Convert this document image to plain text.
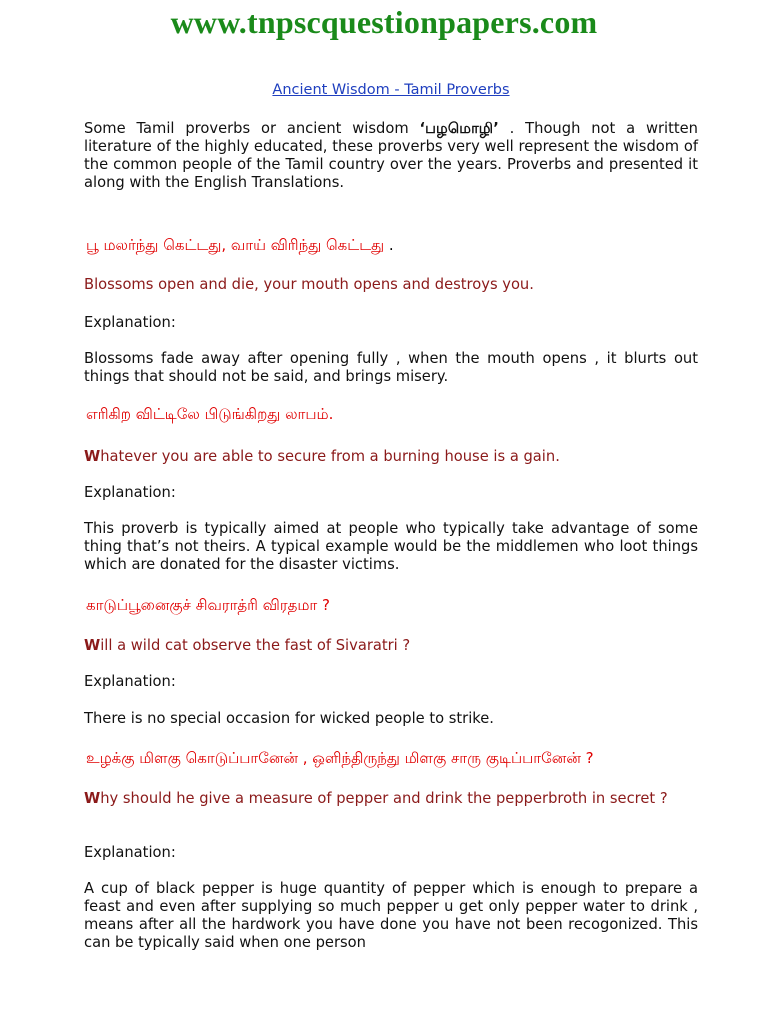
www.tnpscquestionpapers.com
Ancient Wisdom - Tamil Proverbs
Some Tamil proverbs or ancient wisdom ‘பழமொழி’ . Though not a written literature of the highly educated, these proverbs very well represent the wisdom of the common people of the Tamil country over the years. Proverbs and presented it along with the English Translations.
பூ மலர்ந்து கெட்டது, வாய் விரிந்து கெட்டது .
Blossoms open and die, your mouth opens and destroys you.
Explanation:
Blossoms fade away after opening fully , when the mouth opens , it blurts out things that should not be said, and brings misery.
எரிகிற விட்டிலே பிடுங்கிறது லாபம்.
Whatever you are able to secure from a burning house is a gain.
Explanation:
This proverb is typically aimed at people who typically take advantage of some thing that’s not theirs. A typical example would be the middlemen who loot things which are donated for the disaster victims.
காடுப்பூனைகுச் சிவராத்ரி விரதமா ?
Will a wild cat observe the fast of Sivaratri ?
Explanation:
There is no special occasion for wicked people to strike.
உழக்கு மிளகு கொடுப்பானேன் , ஒளிந்திருந்து மிளகு சாரு குடிப்பானேன் ?
Why should he give a measure of pepper and drink the pepperbroth in secret ?
Explanation:
A cup of black pepper is huge quantity of pepper which is enough to prepare a feast and even after supplying so much pepper u get only pepper water to drink , means after all the hardwork you have done you have not been recogonized. This can be typically said when one person
